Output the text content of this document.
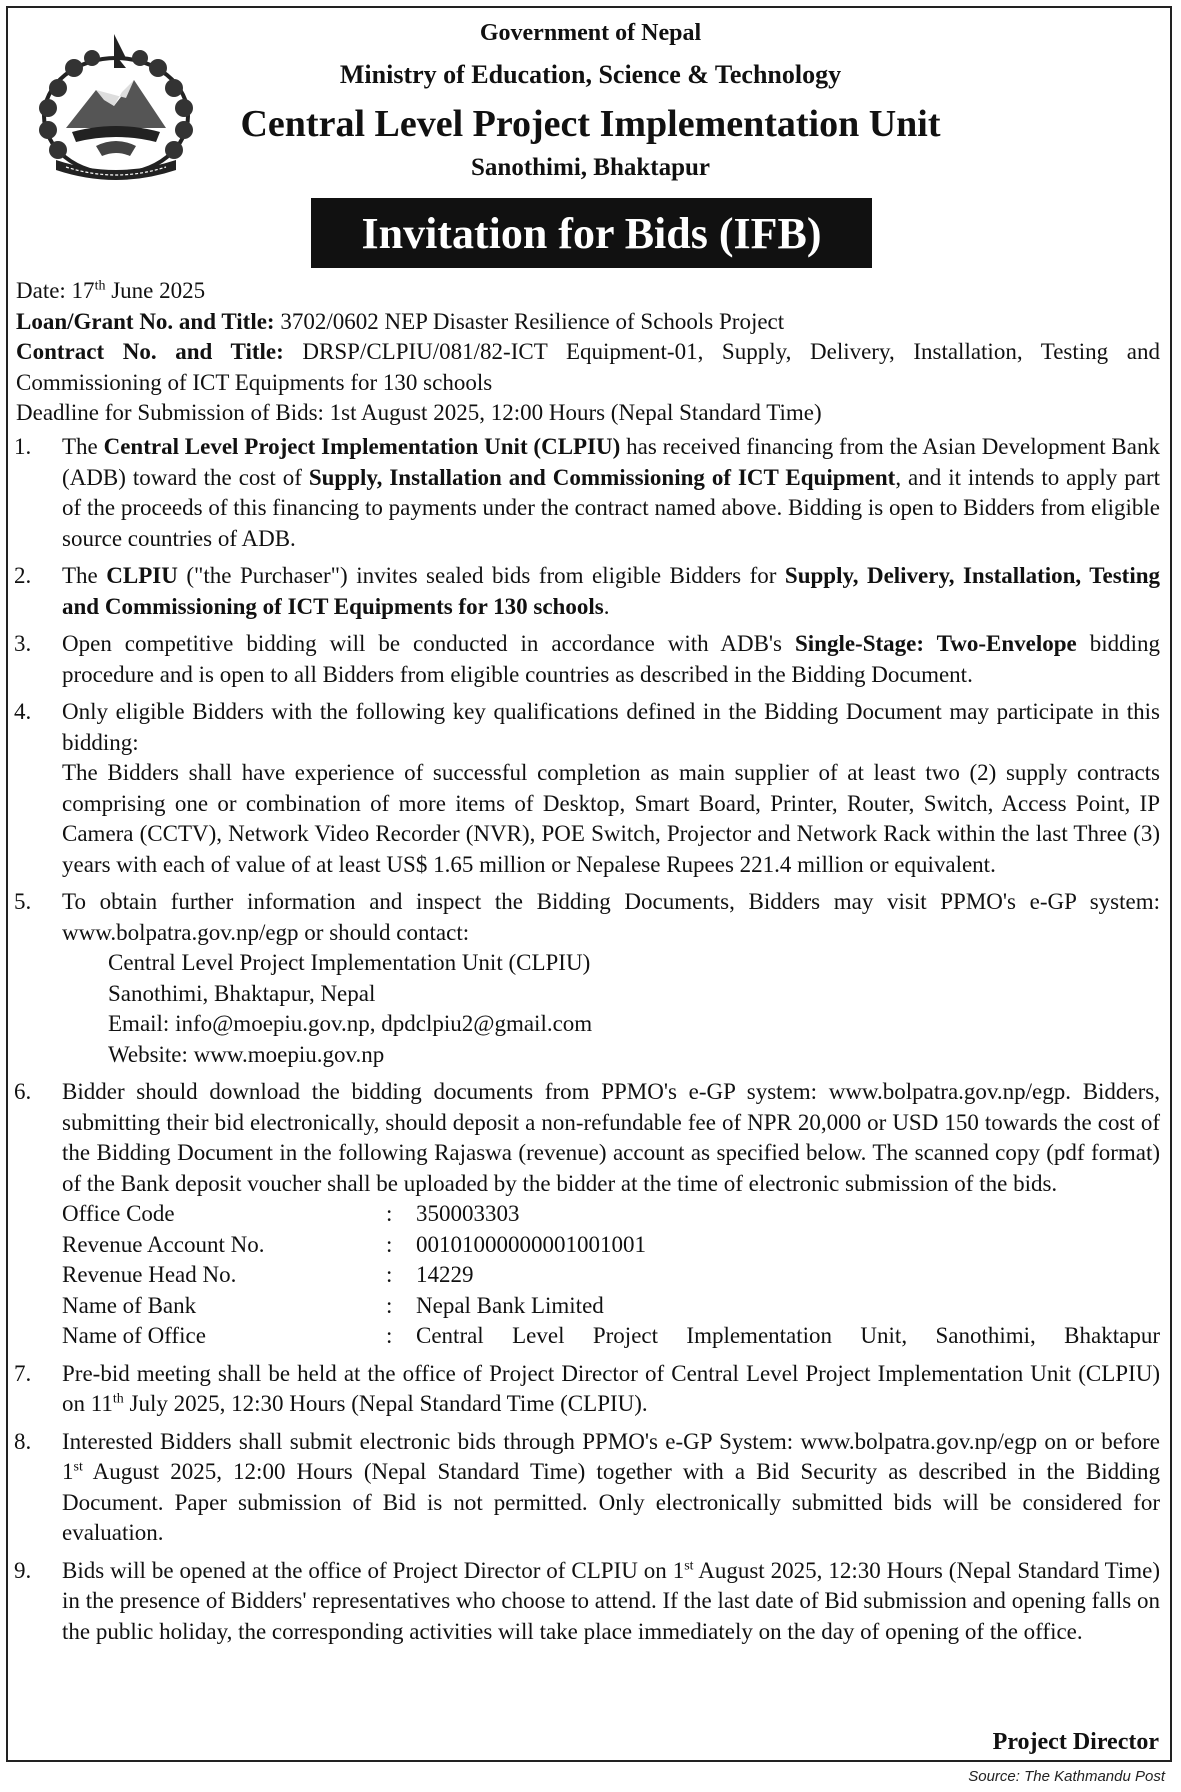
Government of Nepal
Ministry of Education, Science & Technology
Central Level Project Implementation Unit
Sanothimi, Bhaktapur
Invitation for Bids (IFB)
Date: 17th June 2025
Loan/Grant No. and Title: 3702/0602 NEP Disaster Resilience of Schools Project
Contract No. and Title: DRSP/CLPIU/081/82-ICT Equipment-01, Supply, Delivery, Installation, Testing and Commissioning of ICT Equipments for 130 schools
Deadline for Submission of Bids: 1st August 2025, 12:00 Hours (Nepal Standard Time)
1. The Central Level Project Implementation Unit (CLPIU) has received financing from the Asian Development Bank (ADB) toward the cost of Supply, Installation and Commissioning of ICT Equipment, and it intends to apply part of the proceeds of this financing to payments under the contract named above. Bidding is open to Bidders from eligible source countries of ADB.
2. The CLPIU ("the Purchaser") invites sealed bids from eligible Bidders for Supply, Delivery, Installation, Testing and Commissioning of ICT Equipments for 130 schools.
3. Open competitive bidding will be conducted in accordance with ADB's Single-Stage: Two-Envelope bidding procedure and is open to all Bidders from eligible countries as described in the Bidding Document.
4. Only eligible Bidders with the following key qualifications defined in the Bidding Document may participate in this bidding:
The Bidders shall have experience of successful completion as main supplier of at least two (2) supply contracts comprising one or combination of more items of Desktop, Smart Board, Printer, Router, Switch, Access Point, IP Camera (CCTV), Network Video Recorder (NVR), POE Switch, Projector and Network Rack within the last Three (3) years with each of value of at least US$ 1.65 million or Nepalese Rupees 221.4 million or equivalent.
5. To obtain further information and inspect the Bidding Documents, Bidders may visit PPMO's e-GP system: www.bolpatra.gov.np/egp or should contact:
Central Level Project Implementation Unit (CLPIU)
Sanothimi, Bhaktapur, Nepal
Email: info@moepiu.gov.np, dpdclpiu2@gmail.com
Website: www.moepiu.gov.np
6. Bidder should download the bidding documents from PPMO's e-GP system: www.bolpatra.gov.np/egp. Bidders, submitting their bid electronically, should deposit a non-refundable fee of NPR 20,000 or USD 150 towards the cost of the Bidding Document in the following Rajaswa (revenue) account as specified below. The scanned copy (pdf format) of the Bank deposit voucher shall be uploaded by the bidder at the time of electronic submission of the bids.
Office Code	:	350003303
Revenue Account No.	:	00101000000001001001
Revenue Head No.	:	14229
Name of Bank	:	Nepal Bank Limited
Name of Office	:	Central Level Project Implementation Unit, Sanothimi, Bhaktapur
7. Pre-bid meeting shall be held at the office of Project Director of Central Level Project Implementation Unit (CLPIU) on 11th July 2025, 12:30 Hours (Nepal Standard Time (CLPIU).
8. Interested Bidders shall submit electronic bids through PPMO's e-GP System: www.bolpatra.gov.np/egp on or before 1st August 2025, 12:00 Hours (Nepal Standard Time) together with a Bid Security as described in the Bidding Document. Paper submission of Bid is not permitted. Only electronically submitted bids will be considered for evaluation.
9. Bids will be opened at the office of Project Director of CLPIU on 1st August 2025, 12:30 Hours (Nepal Standard Time) in the presence of Bidders' representatives who choose to attend. If the last date of Bid submission and opening falls on the public holiday, the corresponding activities will take place immediately on the day of opening of the office.
Project Director
Source: The Kathmandu Post
